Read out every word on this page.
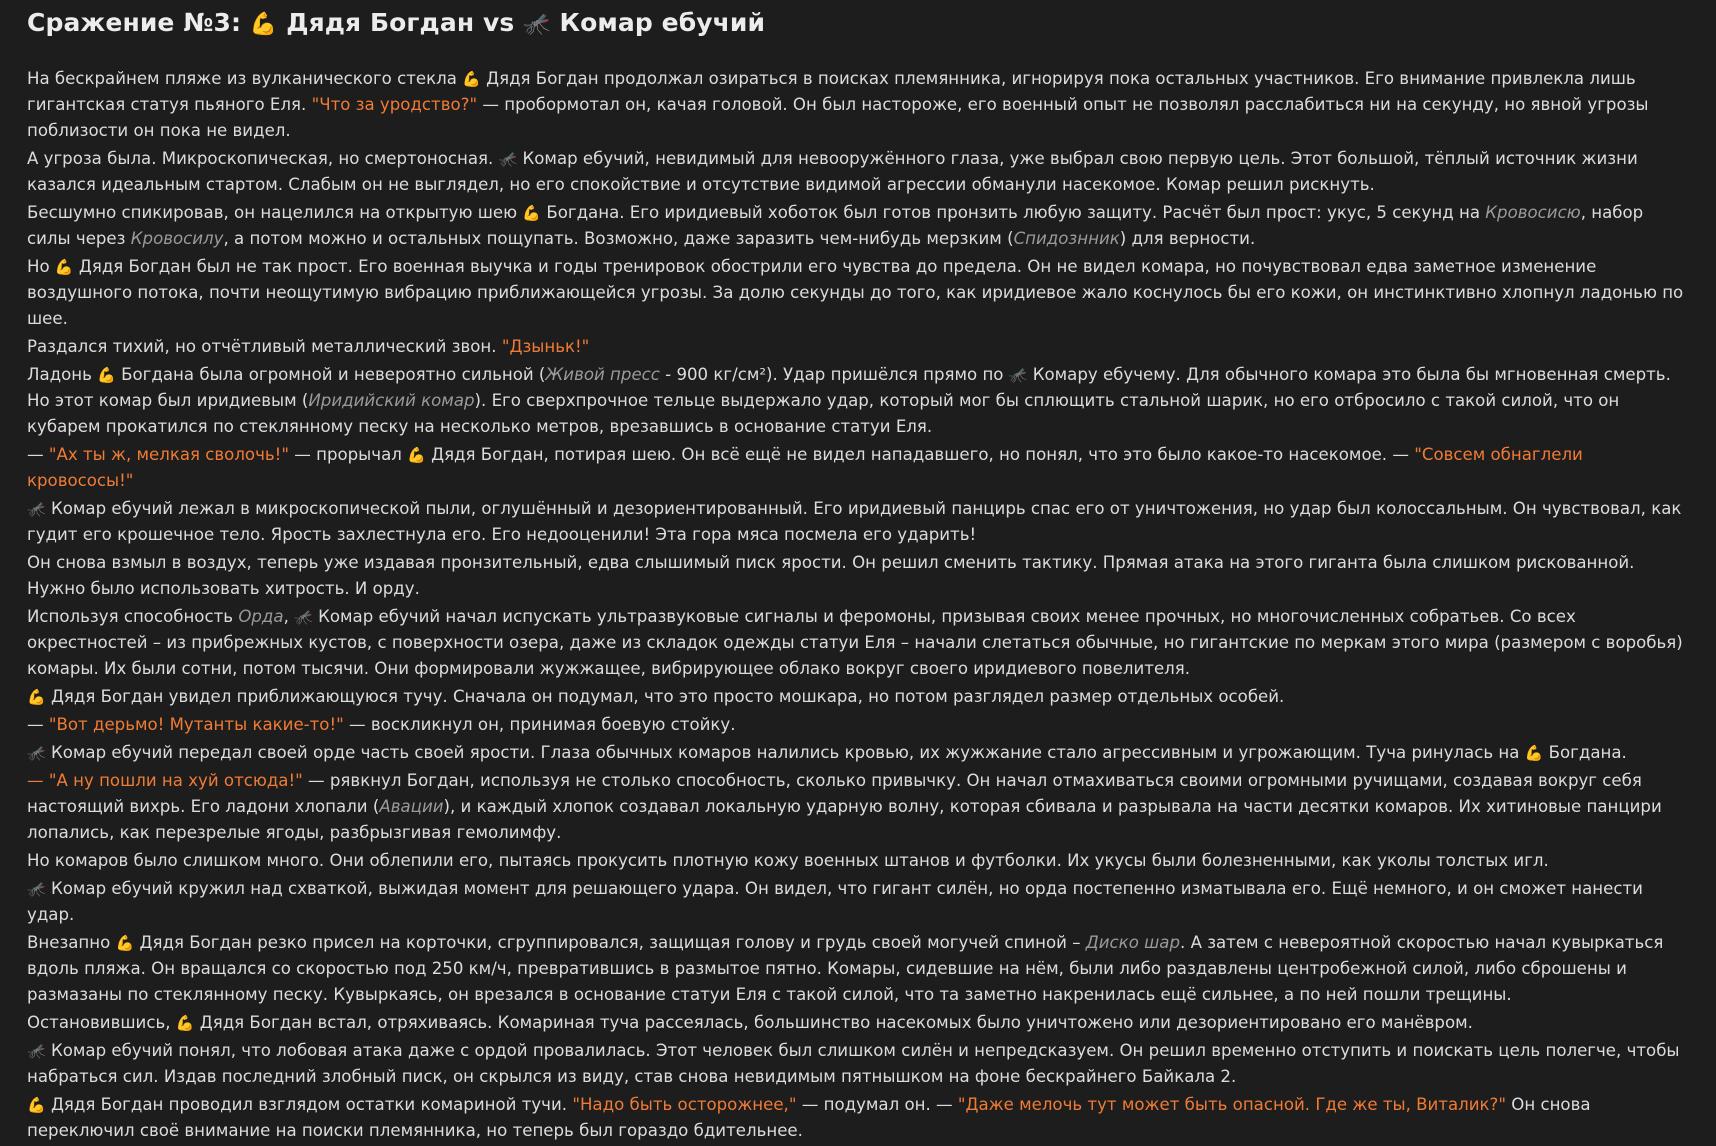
Сражение №3: 💪 Дядя Богдан vs 🦟 Комар ебучий

На бескрайнем пляже из вулканического стекла 💪 Дядя Богдан продолжал озираться в поисках племянника, игнорируя пока остальных участников. Его внимание привлекла лишь гигантская статуя пьяного Еля. "Что за уродство?" — пробормотал он, качая головой. Он был настороже, его военный опыт не позволял расслабиться ни на секунду, но явной угрозы поблизости он пока не видел.

А угроза была. Микроскопическая, но смертоносная. 🦟 Комар ебучий, невидимый для невооружённого глаза, уже выбрал свою первую цель. Этот большой, тёплый источник жизни казался идеальным стартом. Слабым он не выглядел, но его спокойствие и отсутствие видимой агрессии обманули насекомое. Комар решил рискнуть.

Бесшумно спикировав, он нацелился на открытую шею 💪 Богдана. Его иридиевый хоботок был готов пронзить любую защиту. Расчёт был прост: укус, 5 секунд на Кровосисю, набор силы через Кровосилу, а потом можно и остальных пощупать. Возможно, даже заразить чем-нибудь мерзким (Спидознник) для верности.

Но 💪 Дядя Богдан был не так прост. Его военная выучка и годы тренировок обострили его чувства до предела. Он не видел комара, но почувствовал едва заметное изменение воздушного потока, почти неощутимую вибрацию приближающейся угрозы. За долю секунды до того, как иридиевое жало коснулось бы его кожи, он инстинктивно хлопнул ладонью по шее.

Раздался тихий, но отчётливый металлический звон. "Дзыньк!"

Ладонь 💪 Богдана была огромной и невероятно сильной (Живой пресс - 900 кг/см²). Удар пришёлся прямо по 🦟 Комару ебучему. Для обычного комара это была бы мгновенная смерть. Но этот комар был иридиевым (Иридийский комар). Его сверхпрочное тельце выдержало удар, который мог бы сплющить стальной шарик, но его отбросило с такой силой, что он кубарем прокатился по стеклянному песку на несколько метров, врезавшись в основание статуи Еля.

— "Ах ты ж, мелкая сволочь!" — прорычал 💪 Дядя Богдан, потирая шею. Он всё ещё не видел нападавшего, но понял, что это было какое-то насекомое. — "Совсем обнаглели кровососы!"

🦟 Комар ебучий лежал в микроскопической пыли, оглушённый и дезориентированный. Его иридиевый панцирь спас его от уничтожения, но удар был колоссальным. Он чувствовал, как гудит его крошечное тело. Ярость захлестнула его. Его недооценили! Эта гора мяса посмела его ударить!

Он снова взмыл в воздух, теперь уже издавая пронзительный, едва слышимый писк ярости. Он решил сменить тактику. Прямая атака на этого гиганта была слишком рискованной. Нужно было использовать хитрость. И орду.

Используя способность Орда, 🦟 Комар ебучий начал испускать ультразвуковые сигналы и феромоны, призывая своих менее прочных, но многочисленных собратьев. Со всех окрестностей – из прибрежных кустов, с поверхности озера, даже из складок одежды статуи Еля – начали слетаться обычные, но гигантские по меркам этого мира (размером с воробья) комары. Их были сотни, потом тысячи. Они формировали жужжащее, вибрирующее облако вокруг своего иридиевого повелителя.

💪 Дядя Богдан увидел приближающуюся тучу. Сначала он подумал, что это просто мошкара, но потом разглядел размер отдельных особей.

— "Вот дерьмо! Мутанты какие-то!" — воскликнул он, принимая боевую стойку.

🦟 Комар ебучий передал своей орде часть своей ярости. Глаза обычных комаров налились кровью, их жужжание стало агрессивным и угрожающим. Туча ринулась на 💪 Богдана.

— "А ну пошли на хуй отсюда!" — рявкнул Богдан, используя не столько способность, сколько привычку. Он начал отмахиваться своими огромными ручищами, создавая вокруг себя настоящий вихрь. Его ладони хлопали (Авации), и каждый хлопок создавал локальную ударную волну, которая сбивала и разрывала на части десятки комаров. Их хитиновые панцири лопались, как перезрелые ягоды, разбрызгивая гемолимфу.

Но комаров было слишком много. Они облепили его, пытаясь прокусить плотную кожу военных штанов и футболки. Их укусы были болезненными, как уколы толстых игл.

🦟 Комар ебучий кружил над схваткой, выжидая момент для решающего удара. Он видел, что гигант силён, но орда постепенно изматывала его. Ещё немного, и он сможет нанести удар.

Внезапно 💪 Дядя Богдан резко присел на корточки, сгруппировался, защищая голову и грудь своей могучей спиной – Диско шар. А затем с невероятной скоростью начал кувыркаться вдоль пляжа. Он вращался со скоростью под 250 км/ч, превратившись в размытое пятно. Комары, сидевшие на нём, были либо раздавлены центробежной силой, либо сброшены и размазаны по стеклянному песку. Кувыркаясь, он врезался в основание статуи Еля с такой силой, что та заметно накренилась ещё сильнее, а по ней пошли трещины.

Остановившись, 💪 Дядя Богдан встал, отряхиваясь. Комариная туча рассеялась, большинство насекомых было уничтожено или дезориентировано его манёвром.

🦟 Комар ебучий понял, что лобовая атака даже с ордой провалилась. Этот человек был слишком силён и непредсказуем. Он решил временно отступить и поискать цель полегче, чтобы набраться сил. Издав последний злобный писк, он скрылся из виду, став снова невидимым пятнышком на фоне бескрайнего Байкала 2.

💪 Дядя Богдан проводил взглядом остатки комариной тучи. "Надо быть осторожнее," — подумал он. — "Даже мелочь тут может быть опасной. Где же ты, Виталик?" Он снова переключил своё внимание на поиски племянника, но теперь был гораздо бдительнее.
